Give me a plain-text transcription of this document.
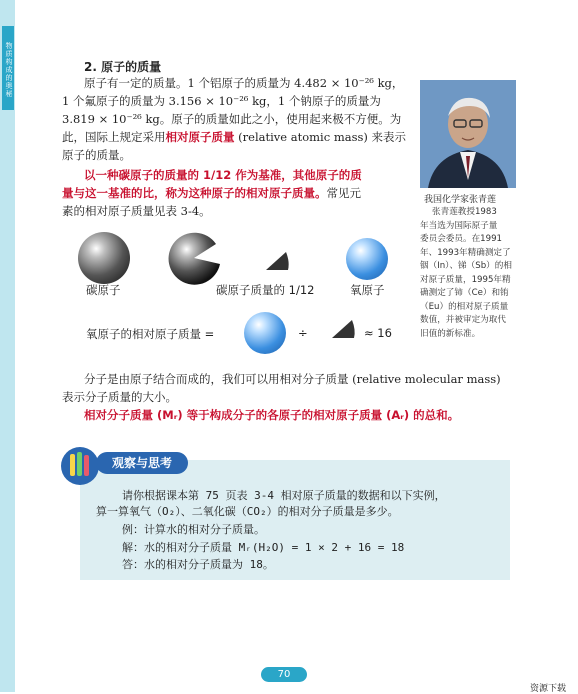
物质构成的奥秘	2. 原子的质量
原子有一定的质量。1 个铝原子的质量为 4.482 × 10⁻²⁶ kg，
1 个氟原子的质量为 3.156 × 10⁻²⁶ kg，1 个钠原子的质量为
3.819 × 10⁻²⁶ kg。原子的质量如此之小，使用起来极不方便。为
此，国际上规定采用相对原子质量 (relative atomic mass) 来表示
原子的质量。
以一种碳原子的质量的 1/12 作为基准，其他原子的质
量与这一基准的比，称为这种原子的相对原子质量。常见元
素的相对原子质量见表 3-4。
我国化学家张青莲
张青莲教授1983
年当选为国际原子量
委员会委员。在1991
年、1993年精确测定了
铟（In）、锑（Sb）的相
对原子质量，1995年精
确测定了铈（Ce）和铕
（Eu）的相对原子质量
数值，并被审定为取代
旧值的新标准。
碳原子	碳原子质量的 1/12	氧原子
氧原子的相对原子质量 =	÷	≈ 16
分子是由原子结合而成的，我们可以用相对分子质量 (relative molecular mass)
表示分子质量的大小。
相对分子质量 (Mᵣ) 等于构成分子的各原子的相对原子质量 (Aᵣ) 的总和。
观察与思考
请你根据课本第 75 页表 3-4 相对原子质量的数据和以下实例，
算一算氧气（O₂）、二氧化碳（CO₂）的相对分子质量是多少。
例：计算水的相对分子质量。
解：水的相对分子质量 Mᵣ(H₂O) = 1 × 2 + 16 = 18
答：水的相对分子质量为 18。
70
资源下载
